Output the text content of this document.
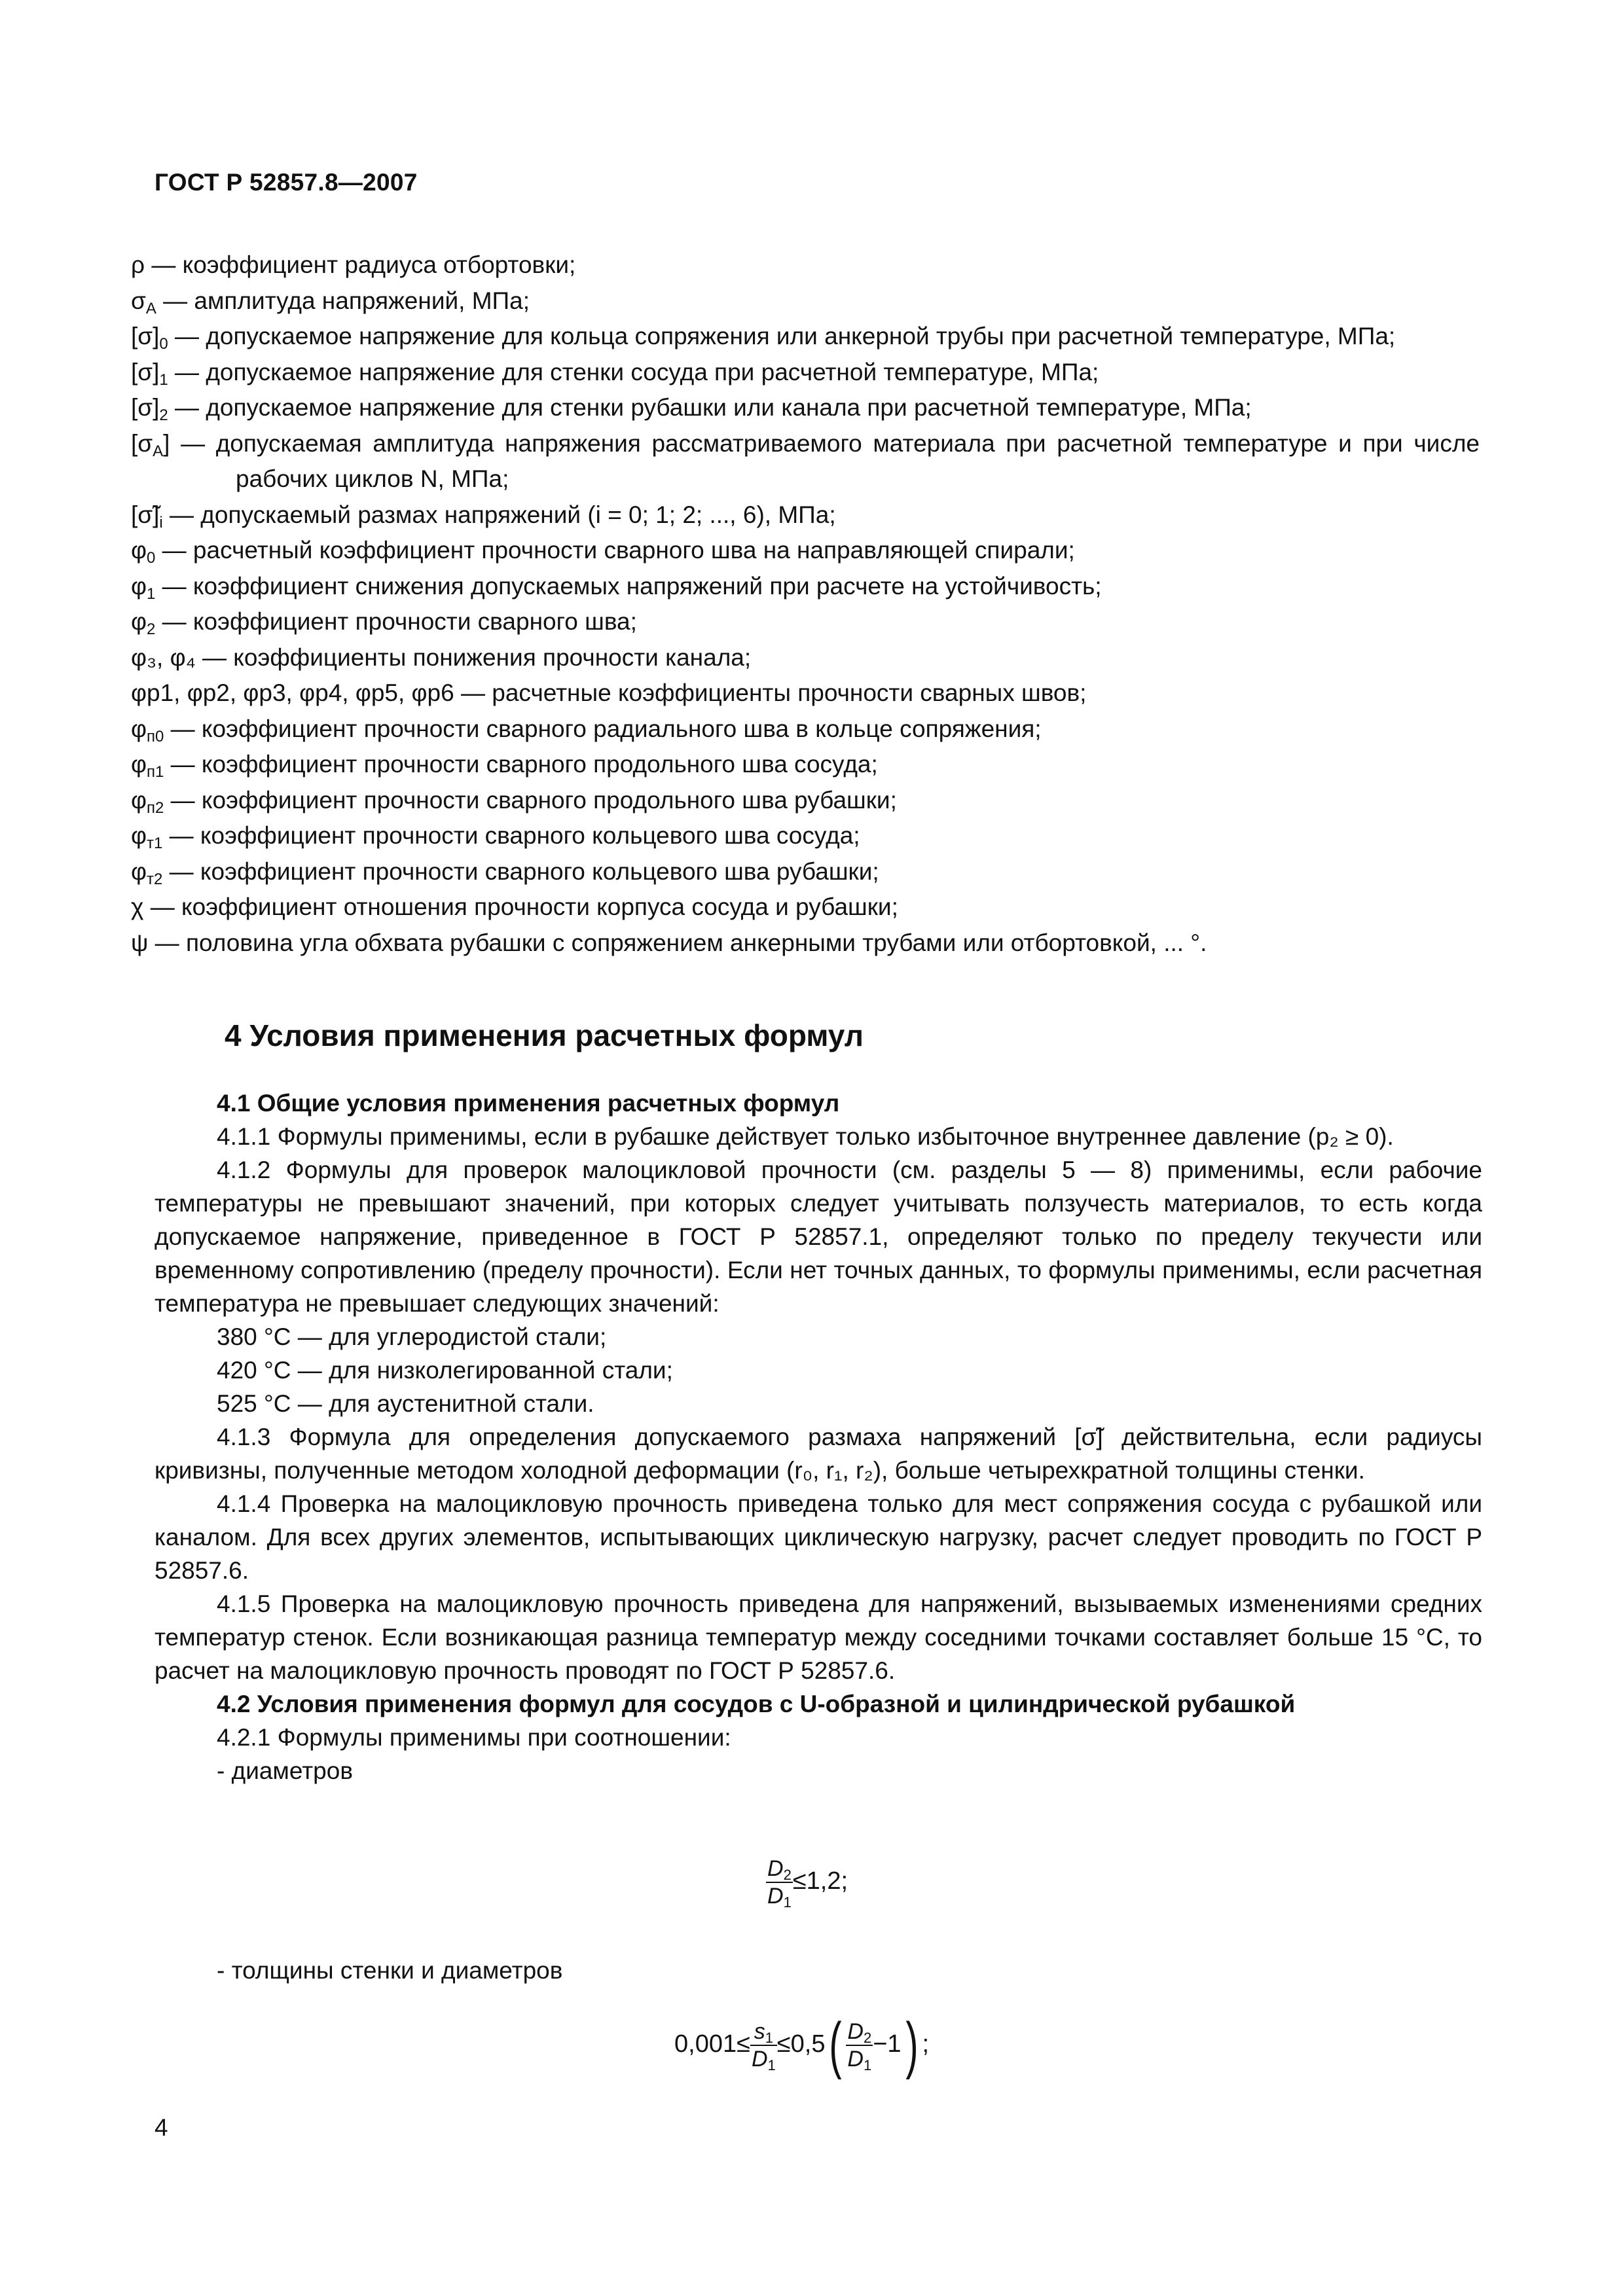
ГОСТ Р 52857.8—2007
ρ — коэффициент радиуса отбортовки;
$\sigma_A$ — амплитуда напряжений, МПа;
$[\sigma]_0$ — допускаемое напряжение для кольца сопряжения или анкерной трубы при расчетной температуре, МПа;
$[\sigma]_1$ — допускаемое напряжение для стенки сосуда при расчетной температуре, МПа;
$[\sigma]_2$ — допускаемое напряжение для стенки рубашки или канала при расчетной температуре, МПа;
$[\sigma_A]$ — допускаемая амплитуда напряжения рассматриваемого материала при расчетной температуре и при числе рабочих циклов N, МПа;
$[\sigmã]_i$ — допускаемый размах напряжений (i = 0; 1; 2; ..., 6), МПа;
$\varphi_0$ — расчетный коэффициент прочности сварного шва на направляющей спирали;
$\varphi_1$ — коэффициент снижения допускаемых напряжений при расчете на устойчивость;
$\varphi_2$ — коэффициент прочности сварного шва;
φ₃, φ₄ — коэффициенты понижения прочности канала;
φp1, φp2, φp3, φp4, φp5, φp6 — расчетные коэффициенты прочности сварных швов;
$\varphi_{п0}$ — коэффициент прочности сварного радиального шва в кольце сопряжения;
$\varphi_{п1}$ — коэффициент прочности сварного продольного шва сосуда;
$\varphi_{п2}$ — коэффициент прочности сварного продольного шва рубашки;
$\varphi_{т1}$ — коэффициент прочности сварного кольцевого шва сосуда;
$\varphi_{т2}$ — коэффициент прочности сварного кольцевого шва рубашки;
χ — коэффициент отношения прочности корпуса сосуда и рубашки;
ψ — половина угла обхвата рубашки с сопряжением анкерными трубами или отбортовкой, ... °.
4 Условия применения расчетных формул

4.1 Общие условия применения расчетных формул

4.1.1 Формулы применимы, если в рубашке действует только избыточное внутреннее давление (p₂ ≥ 0).

4.1.2 Формулы для проверок малоцикловой прочности (см. разделы 5 — 8) применимы, если рабочие температуры не превышают значений, при которых следует учитывать ползучесть материалов, то есть когда допускаемое напряжение, приведенное в ГОСТ Р 52857.1, определяют только по пределу текучести или временному сопротивлению (пределу прочности). Если нет точных данных, то формулы применимы, если расчетная температура не превышает следующих значений:

380 °С — для углеродистой стали;

420 °С — для низколегированной стали;

525 °С — для аустенитной стали.

4.1.3 Формула для определения допускаемого размаха напряжений [σ̃] действительна, если радиусы кривизны, полученные методом холодной деформации (r₀, r₁, r₂), больше четырехкратной толщины стенки.

4.1.4 Проверка на малоцикловую прочность приведена только для мест сопряжения сосуда с рубашкой или каналом. Для всех других элементов, испытывающих циклическую нагрузку, расчет следует проводить по ГОСТ Р 52857.6.

4.1.5 Проверка на малоцикловую прочность приведена для напряжений, вызываемых изменениями средних температур стенок. Если возникающая разница температур между соседними точками составляет больше 15 °С, то расчет на малоцикловую прочность проводят по ГОСТ Р 52857.6.

4.2 Условия применения формул для сосудов с U-образной и цилиндрической рубашкой

4.2.1 Формулы применимы при соотношении:

- диаметров

$\frac{D_2}{D_1} \le 1,2$;
- толщины стенки и диаметров
$0,001\le \frac{s_1}{D_1} \le 0,5( \frac{D_2}{D_1} -1)$ ;
4
